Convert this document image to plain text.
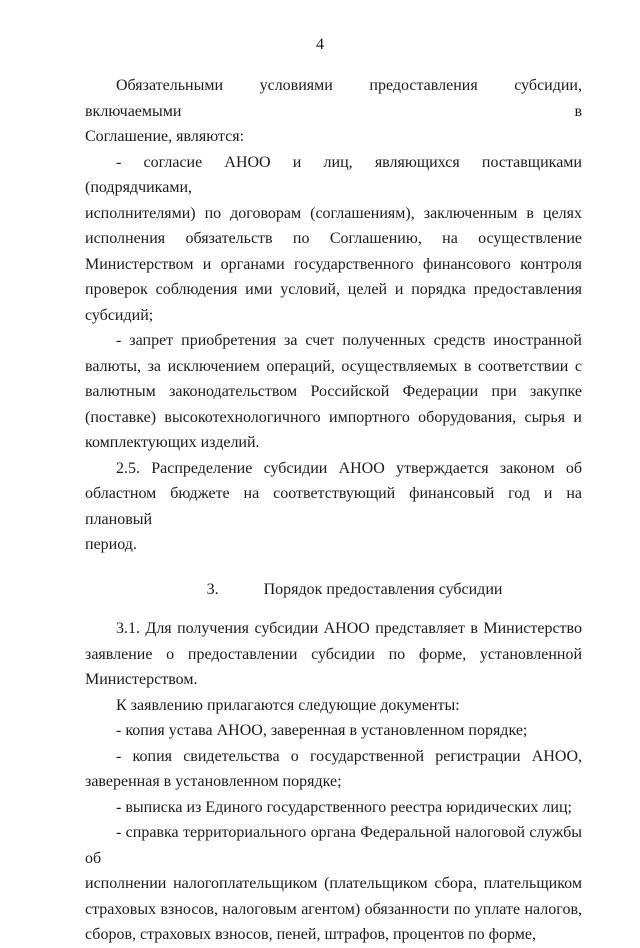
4

Обязательными условиями предоставления субсидии, включаемыми в
Соглашение, являются:

- согласие АНОО и лиц, являющихся поставщиками (подрядчиками,
исполнителями) по договорам (соглашениям), заключенным в целях
исполнения обязательств по Соглашению, на осуществление
Министерством и органами государственного финансового контроля
проверок соблюдения ими условий, целей и порядка предоставления
субсидий;

- запрет приобретения за счет полученных средств иностранной
валюты, за исключением операций, осуществляемых в соответствии с
валютным законодательством Российской Федерации при закупке
(поставке) высокотехнологичного импортного оборудования, сырья и
комплектующих изделий.

2.5. Распределение субсидии АНОО утверждается законом об
областном бюджете на соответствующий финансовый год и на плановый
период.

3.	Порядок предоставления субсидии

3.1. Для получения субсидии АНОО представляет в Министерство
заявление о предоставлении субсидии по форме, установленной
Министерством.

К заявлению прилагаются следующие документы:

- копия устава АНОО, заверенная в установленном порядке;

- копия свидетельства о государственной регистрации АНОО,
заверенная в установленном порядке;

- выписка из Единого государственного реестра юридических лиц;

- справка территориального органа Федеральной налоговой службы об
исполнении налогоплательщиком (плательщиком сбора, плательщиком
страховых взносов, налоговым агентом) обязанности по уплате налогов,
сборов, страховых взносов, пеней, штрафов, процентов по форме,
